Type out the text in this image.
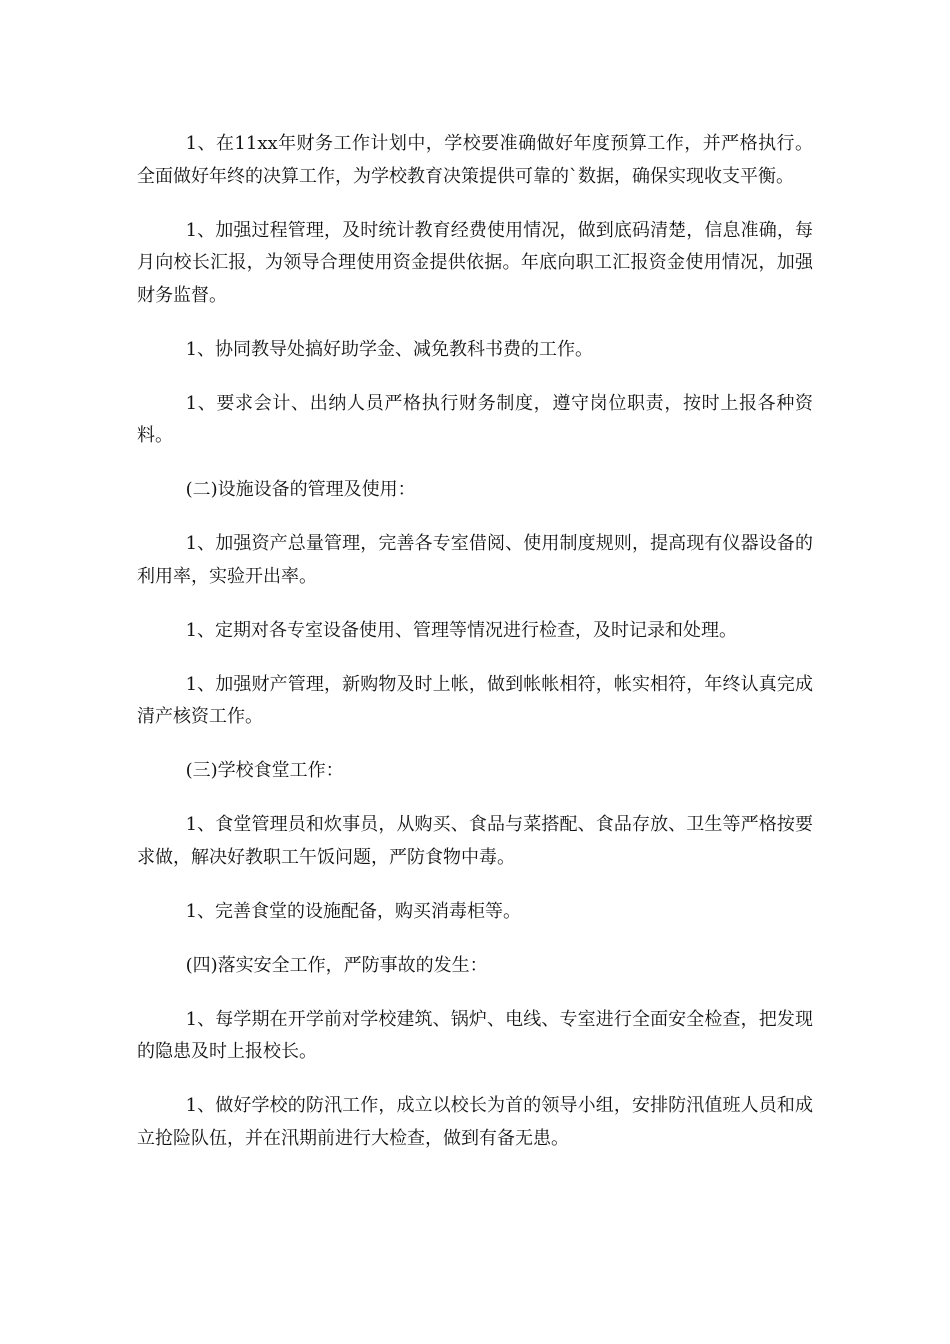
1、在11xx年财务工作计划中，学校要准确做好年度预算工作，并严格执行。全面做好年终的决算工作，为学校教育决策提供可靠的`数据，确保实现收支平衡。

1、加强过程管理，及时统计教育经费使用情况，做到底码清楚，信息准确，每月向校长汇报，为领导合理使用资金提供依据。年底向职工汇报资金使用情况，加强财务监督。

1、协同教导处搞好助学金、减免教科书费的工作。

1、要求会计、出纳人员严格执行财务制度，遵守岗位职责，按时上报各种资料。

(二)设施设备的管理及使用：

1、加强资产总量管理，完善各专室借阅、使用制度规则，提高现有仪器设备的利用率，实验开出率。

1、定期对各专室设备使用、管理等情况进行检查，及时记录和处理。

1、加强财产管理，新购物及时上帐，做到帐帐相符，帐实相符，年终认真完成清产核资工作。

(三)学校食堂工作：

1、食堂管理员和炊事员，从购买、食品与菜搭配、食品存放、卫生等严格按要求做，解决好教职工午饭问题，严防食物中毒。

1、完善食堂的设施配备，购买消毒柜等。

(四)落实安全工作，严防事故的发生：

1、每学期在开学前对学校建筑、锅炉、电线、专室进行全面安全检查，把发现的隐患及时上报校长。

1、做好学校的防汛工作，成立以校长为首的领导小组，安排防汛值班人员和成立抢险队伍，并在汛期前进行大检查，做到有备无患。
